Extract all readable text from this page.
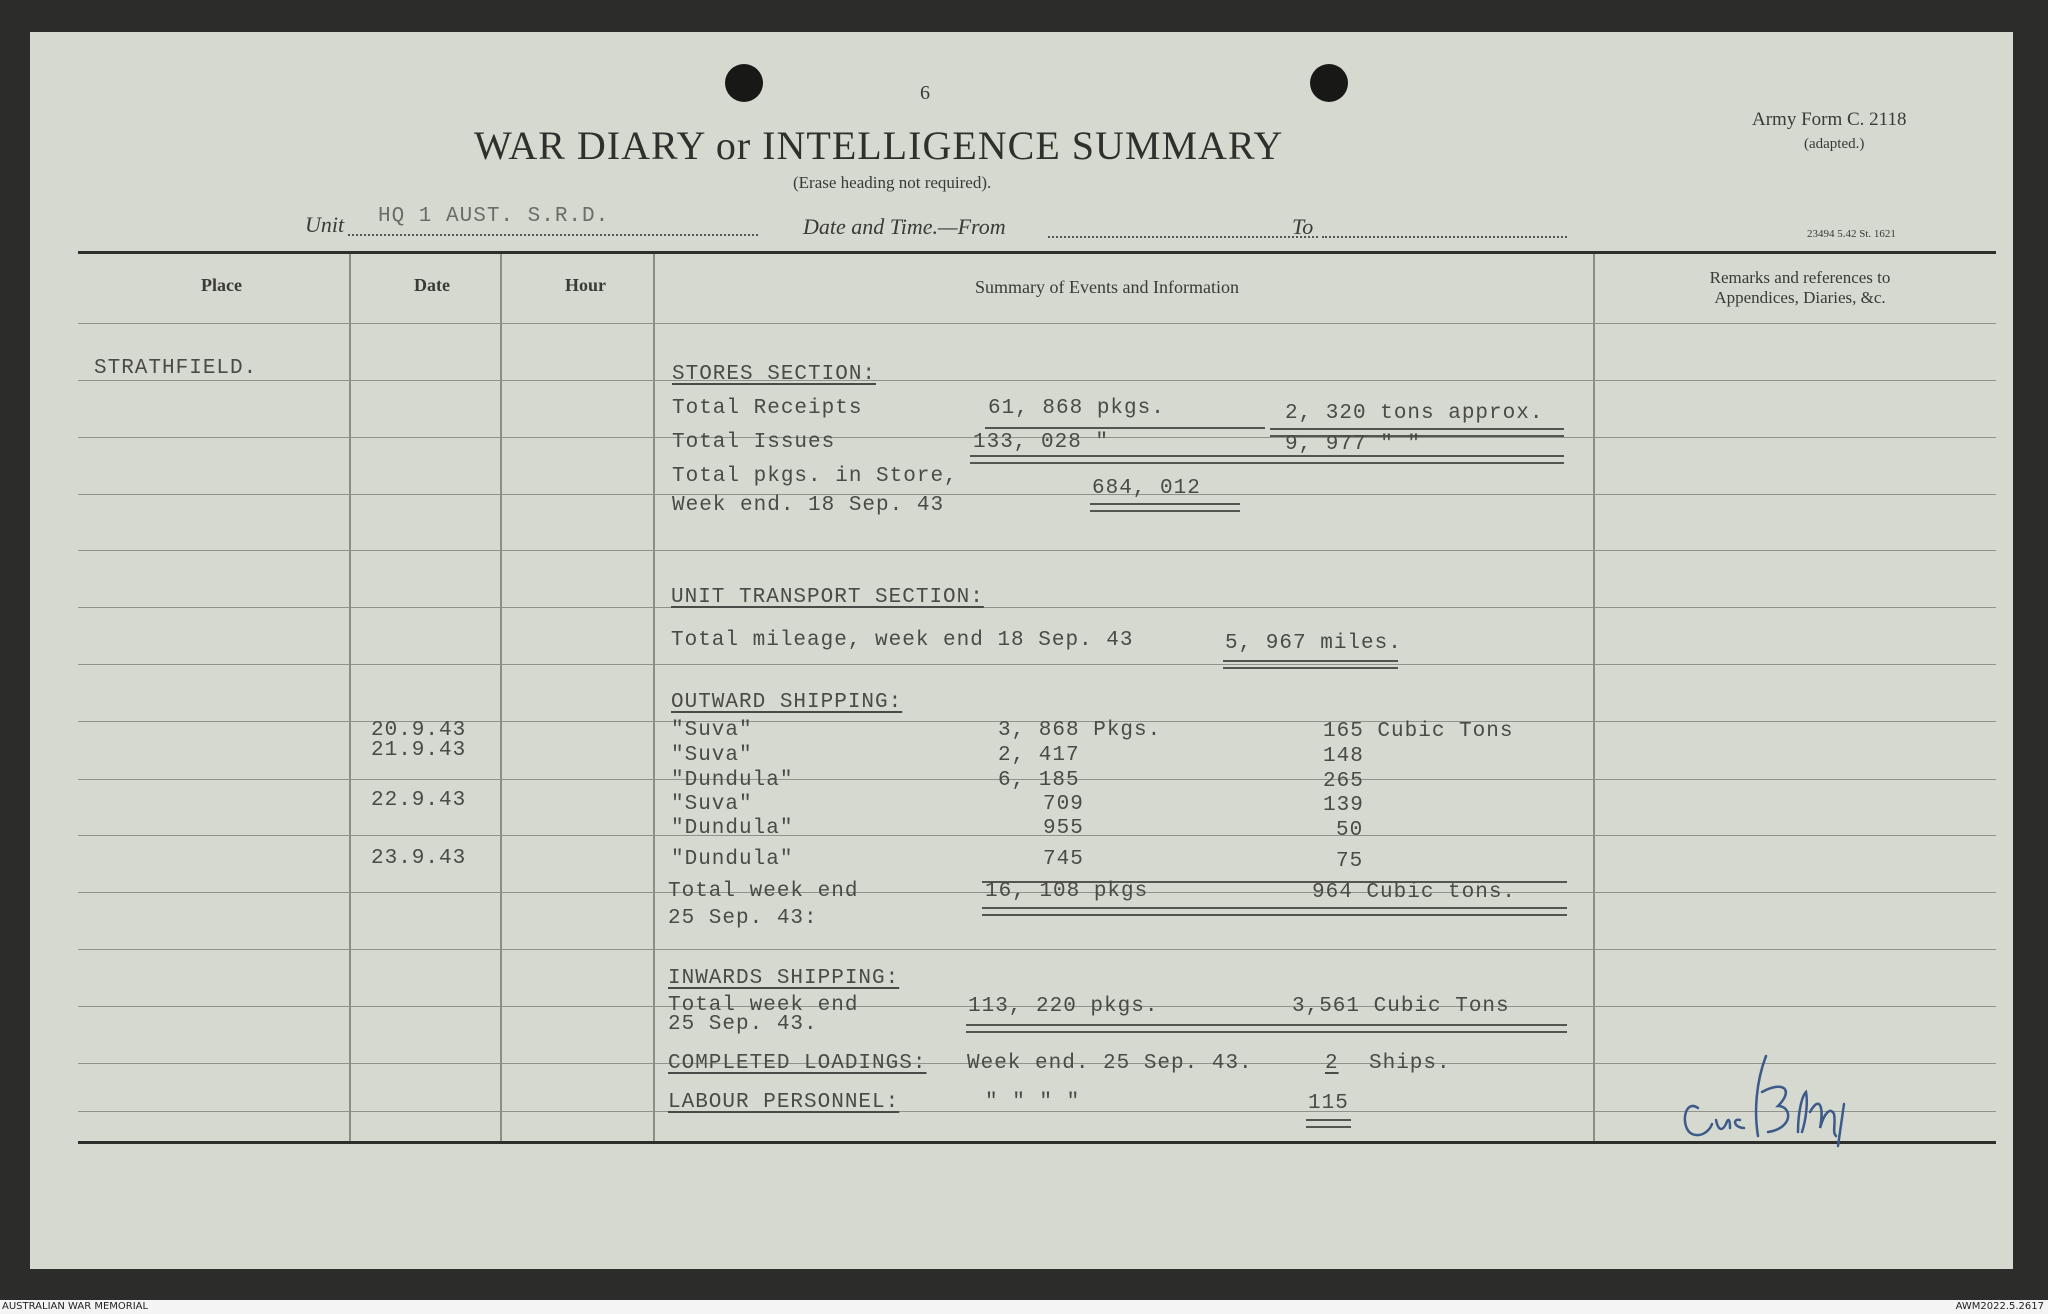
6
WAR DIARY or INTELLIGENCE SUMMARY
(Erase heading not required).
Army Form C. 2118
(adapted.)
23494 5.42 St. 1621
Unit HQ 1 AUST. S.R.D.	Date and Time.—From	To
Place	Date	Hour	Summary of Events and Information	Remarks and references to
Appendices, Diaries, &c.
STRATHFIELD.	STORES SECTION:
Total Receipts	61, 868 pkgs.	2, 320 tons approx.
Total Issues	133, 028 "	9, 977 " "
Total pkgs. in Store,
Week end. 18 Sep. 43
684, 012
UNIT TRANSPORT SECTION:
Total mileage, week end 18 Sep. 43	5, 967 miles.
OUTWARD SHIPPING:
20.9.43	"Suva"	3, 868 Pkgs.	165 Cubic Tons
21.9.43	"Suva"	2, 417	148
"Dundula"	6, 185	265
22.9.43	"Suva"	709	139
"Dundula"	955	50
23.9.43	"Dundula"	745	75
Total week end
25 Sep. 43:
16, 108 pkgs	964 Cubic tons.
INWARDS SHIPPING:
Total week end
25 Sep. 43.
113, 220 pkgs.	3,561 Cubic Tons
COMPLETED LOADINGS: Week end. 25 Sep. 43.	2 Ships.
LABOUR PERSONNEL:	" " " "	115
AUSTRALIAN WAR MEMORIAL	AWM2022.5.2617
